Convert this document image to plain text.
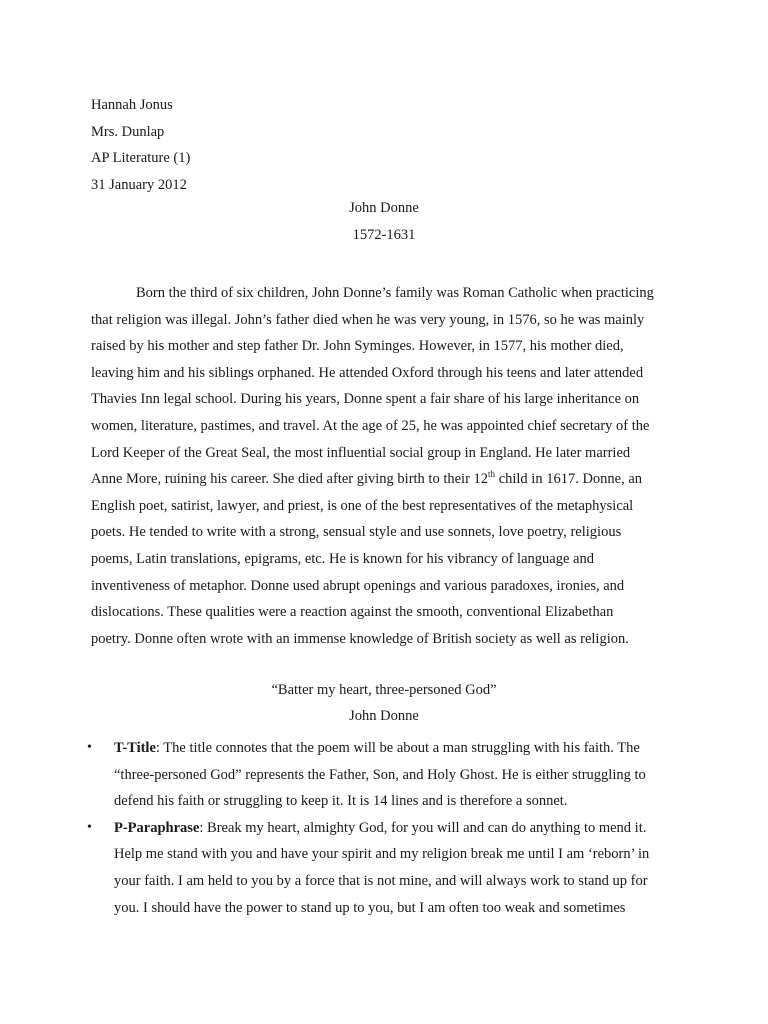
Hannah Jonus
Mrs. Dunlap
AP Literature (1)
31 January 2012
John Donne
1572-1631
Born the third of six children, John Donne’s family was Roman Catholic when practicing
that religion was illegal. John’s father died when he was very young, in 1576, so he was mainly
raised by his mother and step father Dr. John Syminges. However, in 1577, his mother died,
leaving him and his siblings orphaned. He attended Oxford through his teens and later attended
Thavies Inn legal school. During his years, Donne spent a fair share of his large inheritance on
women, literature, pastimes, and travel. At the age of 25, he was appointed chief secretary of the
Lord Keeper of the Great Seal, the most influential social group in England. He later married
Anne More, ruining his career. She died after giving birth to their 12th child in 1617. Donne, an
English poet, satirist, lawyer, and priest, is one of the best representatives of the metaphysical
poets. He tended to write with a strong, sensual style and use sonnets, love poetry, religious
poems, Latin translations, epigrams, etc. He is known for his vibrancy of language and
inventiveness of metaphor. Donne used abrupt openings and various paradoxes, ironies, and
dislocations. These qualities were a reaction against the smooth, conventional Elizabethan
poetry. Donne often wrote with an immense knowledge of British society as well as religion.
“Batter my heart, three-personed God”
John Donne
•	T-Title: The title connotes that the poem will be about a man struggling with his faith. The
“three-personed God” represents the Father, Son, and Holy Ghost. He is either struggling to
defend his faith or struggling to keep it. It is 14 lines and is therefore a sonnet.
•	P-Paraphrase: Break my heart, almighty God, for you will and can do anything to mend it.
Help me stand with you and have your spirit and my religion break me until I am ‘reborn’ in
your faith. I am held to you by a force that is not mine, and will always work to stand up for
you. I should have the power to stand up to you, but I am often too weak and sometimes
